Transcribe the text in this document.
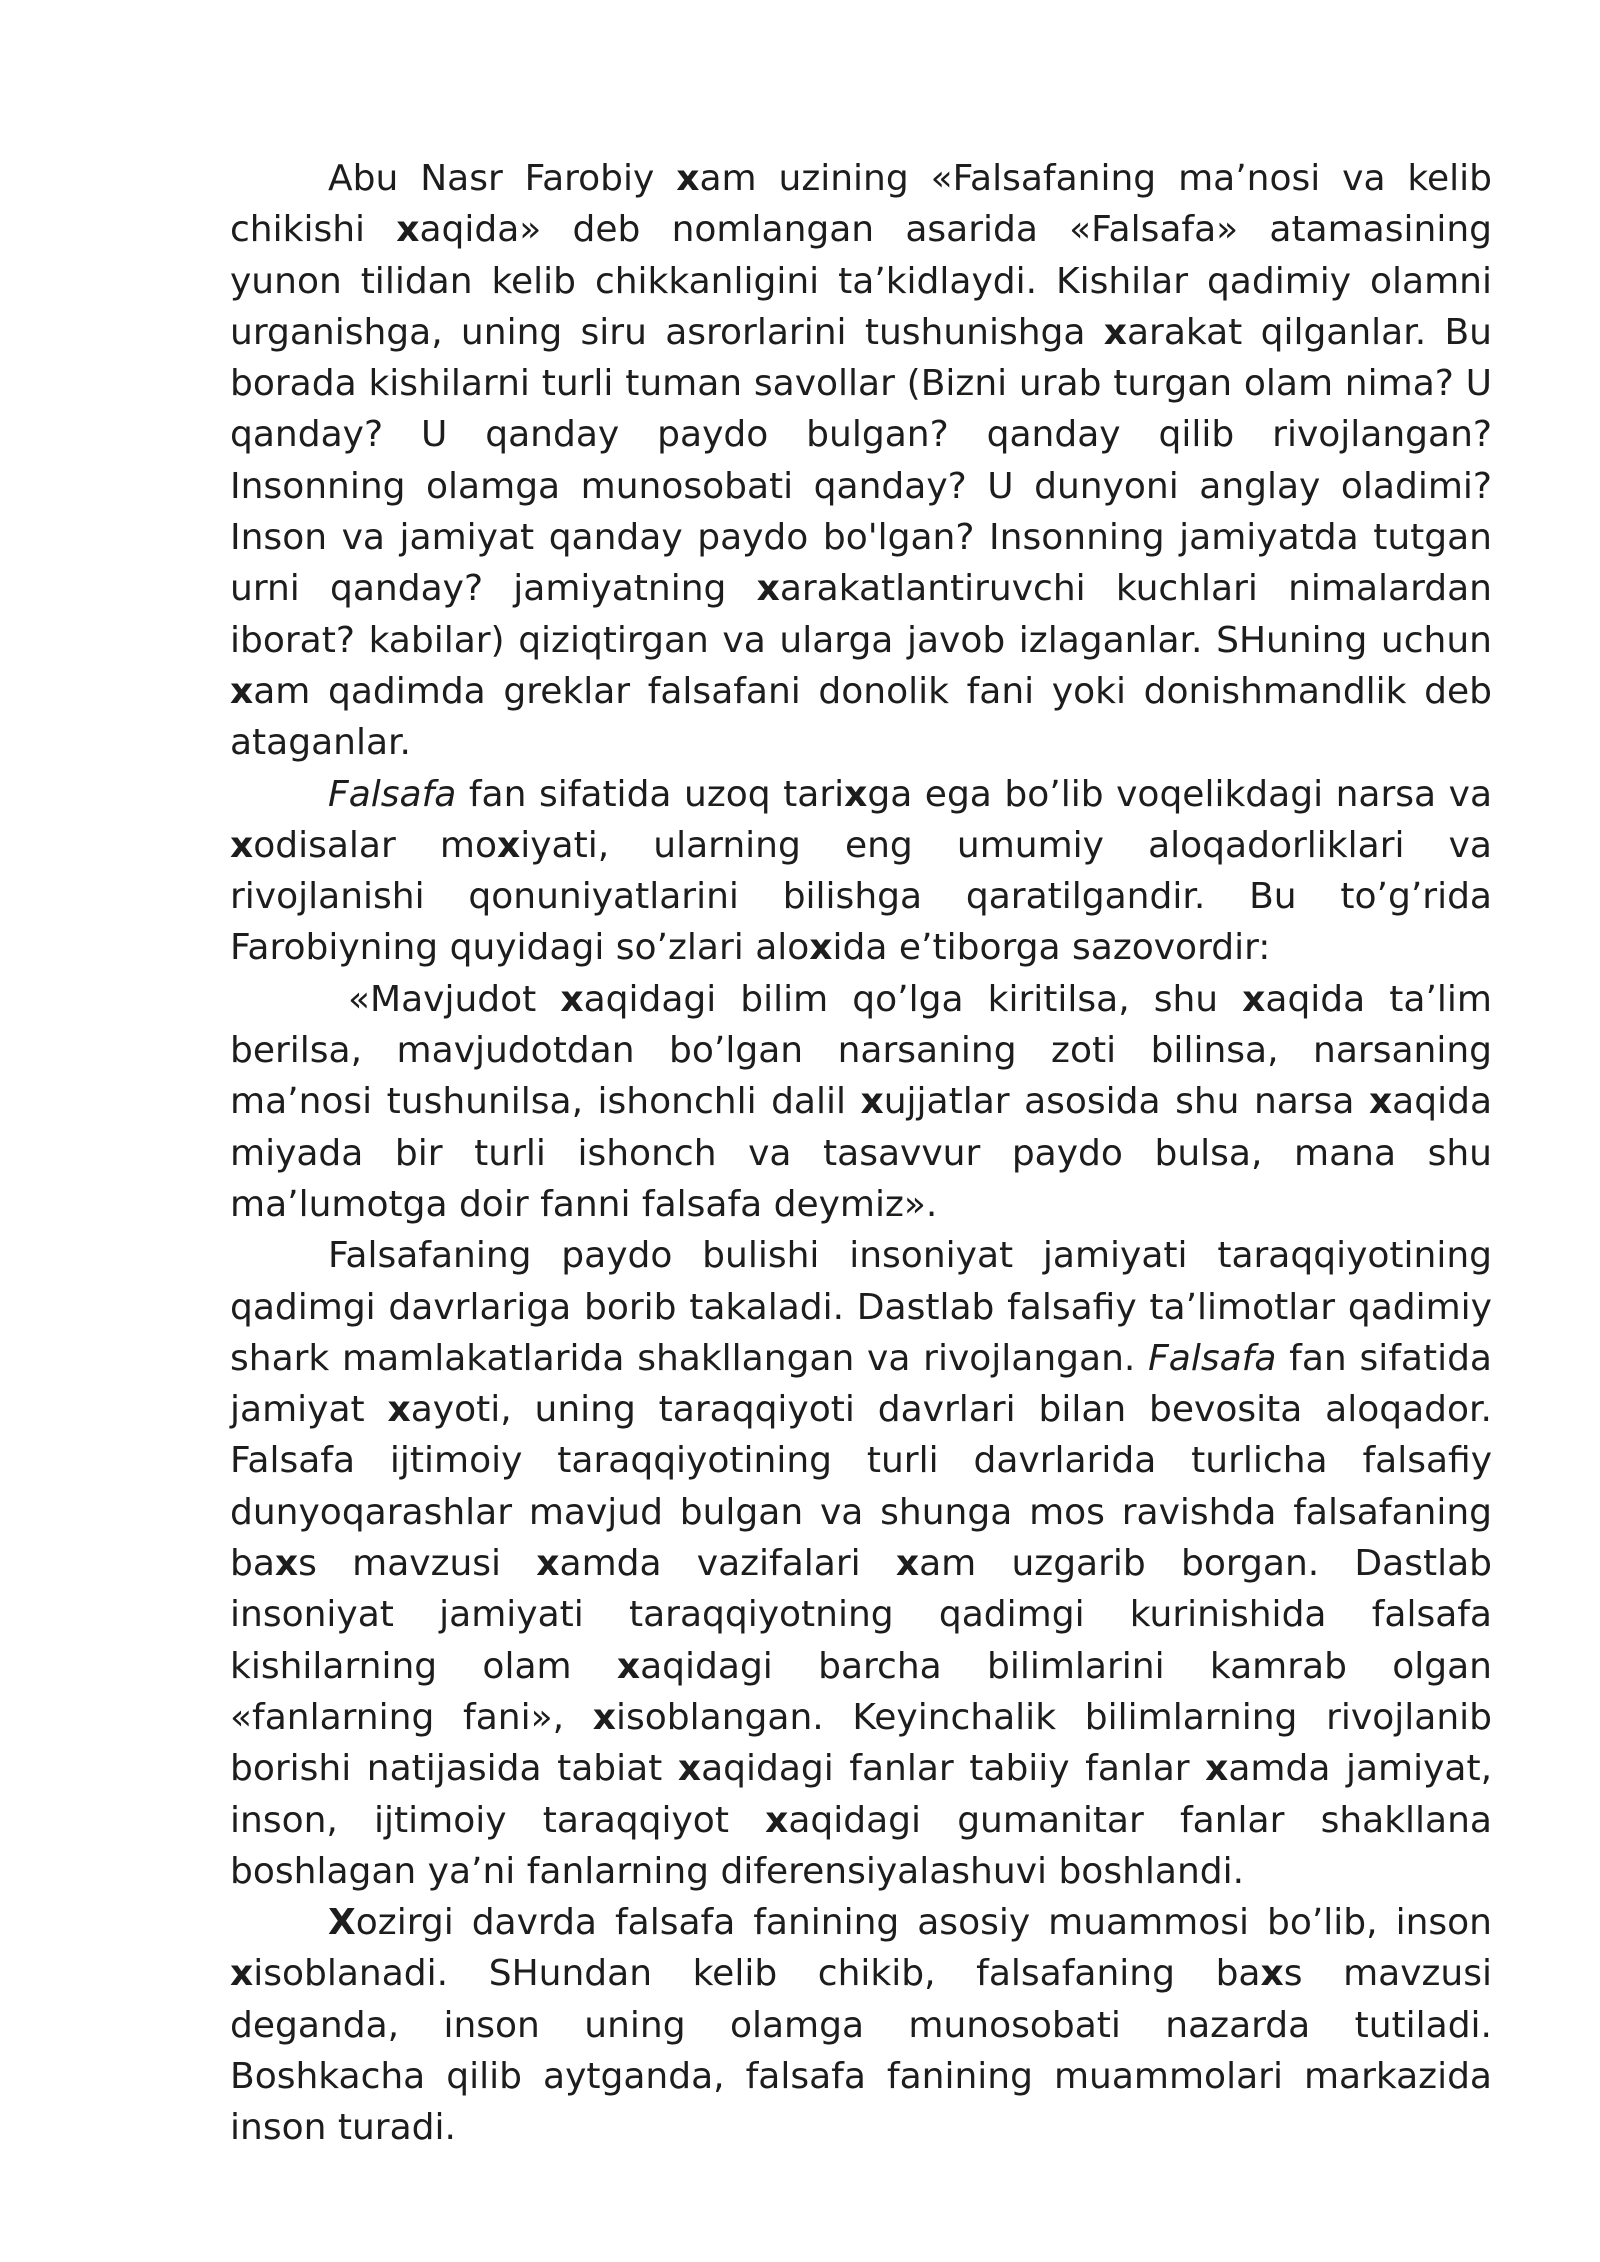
Abu Nasr Farobiy xam uzining «Falsafaning ma’nosi va kelib chikishi xaqida» deb nomlangan asarida «Falsafa» atamasining yunon tilidan kelib chikkanligini ta’kidlaydi. Kishilar qadimiy olamni urganishga, uning siru asrorlarini tushunishga xarakat qilganlar. Bu borada kishilarni turli tuman savollar (Bizni urab turgan olam nima? U qanday? U qanday paydo bulgan? qanday qilib rivojlangan? Insonning olamga munosobati qanday? U dunyoni anglay oladimi? Inson va jamiyat qanday paydo bo'lgan? Insonning jamiyatda tutgan urni qanday? jamiyatning xarakatlantiruvchi kuchlari nimalardan iborat? kabilar) qiziqtirgan va ularga javob izlaganlar. SHuning uchun xam qadimda greklar falsafani donolik fani yoki donishmandlik deb ataganlar.

Falsafa fan sifatida uzoq tarixga ega bo’lib voqelikdagi narsa va xodisalar moxiyati, ularning eng umumiy aloqadorliklari va rivojlanishi qonuniyatlarini bilishga qaratilgandir. Bu to’g’rida Farobiyning quyidagi so’zlari aloxida e’tiborga sazovordir:

«Mavjudot xaqidagi bilim qo’lga kiritilsa, shu xaqida ta’lim berilsa, mavjudotdan bo’lgan narsaning zoti bilinsa, narsaning ma’nosi tushunilsa, ishonchli dalil xujjatlar asosida shu narsa xaqida miyada bir turli ishonch va tasavvur paydo bulsa, mana shu ma’lumotga doir fanni falsafa deymiz».

Falsafaning paydo bulishi insoniyat jamiyati taraqqiyotining qadimgi davrlariga borib takaladi. Dastlab falsafiy ta’limotlar qadimiy shark mamlakatlarida shakllangan va rivojlangan. Falsafa fan sifatida jamiyat xayoti, uning taraqqiyoti davrlari bilan bevosita aloqador. Falsafa ijtimoiy taraqqiyotining turli davrlarida turlicha falsafiy dunyoqarashlar mavjud bulgan va shunga mos ravishda falsafaning baxs mavzusi xamda vazifalari xam uzgarib borgan. Dastlab insoniyat jamiyati taraqqiyotning qadimgi kurinishida falsafa kishilarning olam xaqidagi barcha bilimlarini kamrab olgan «fanlarning fani», xisoblangan. Keyinchalik bilimlarning rivojlanib borishi natijasida tabiat xaqidagi fanlar tabiiy fanlar xamda jamiyat, inson, ijtimoiy taraqqiyot xaqidagi gumanitar fanlar shakllana boshlagan ya’ni fanlarning diferensiyalashuvi boshlandi.

Xozirgi davrda falsafa fanining asosiy muammosi bo’lib, inson xisoblanadi. SHundan kelib chikib, falsafaning baxs mavzusi deganda, inson uning olamga munosobati nazarda tutiladi. Boshkacha qilib aytganda, falsafa fanining muammolari markazida inson turadi.
